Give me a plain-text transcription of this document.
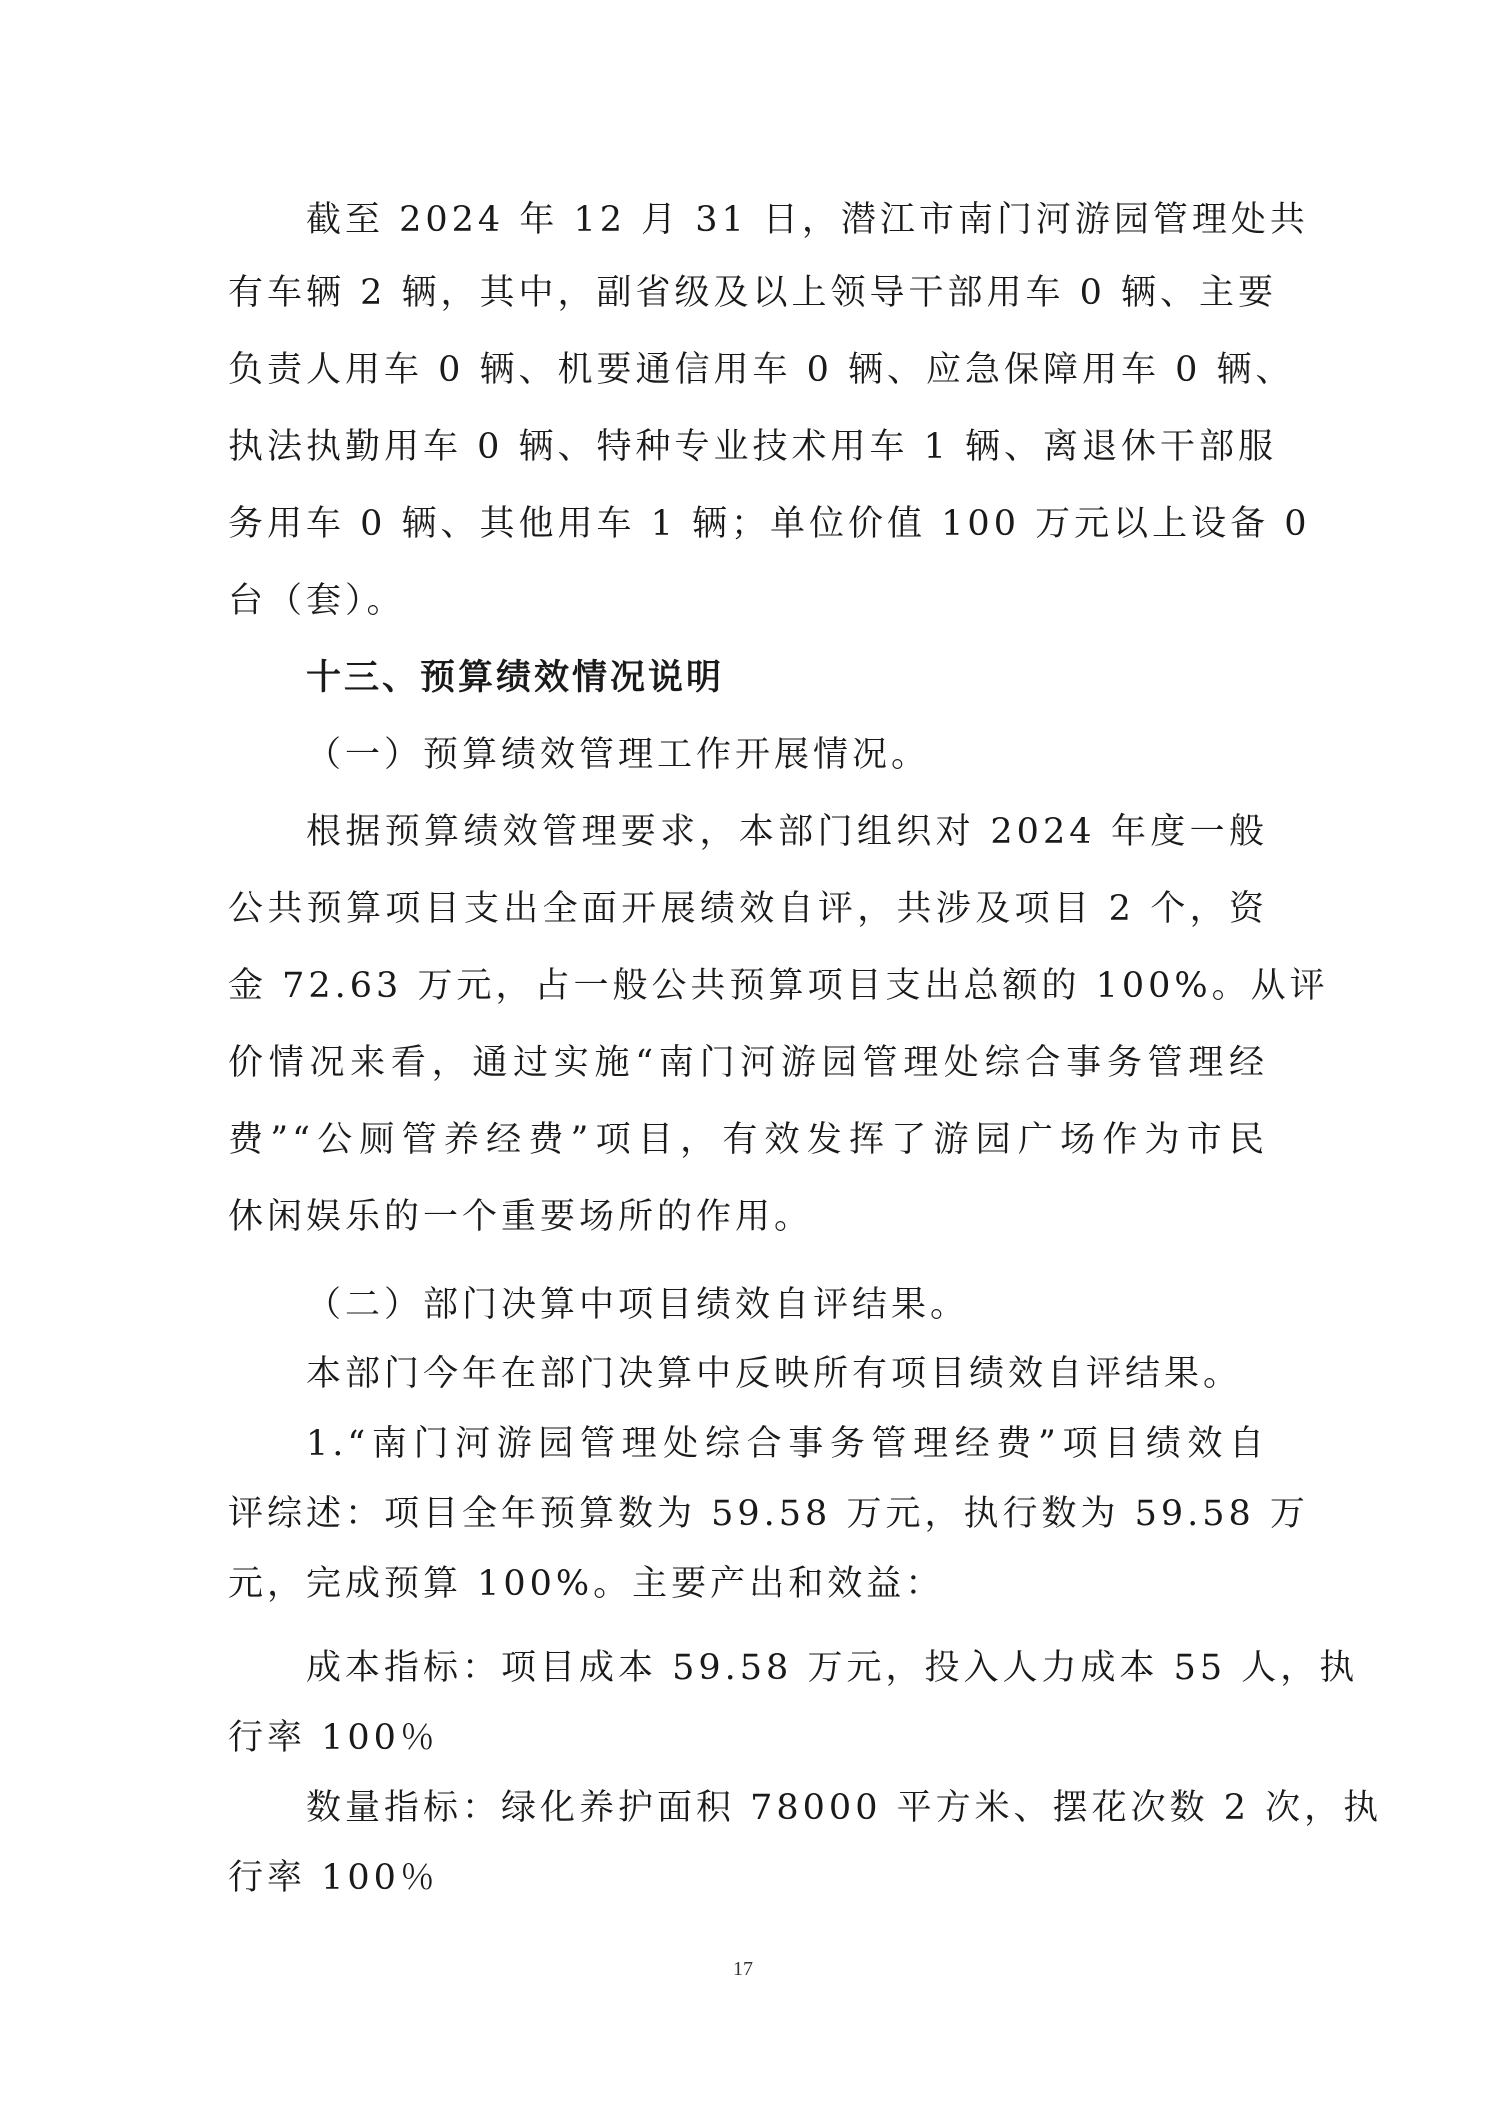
截至 2024 年 12 月 31 日，潜江市南门河游园管理处共
有车辆 2 辆，其中，副省级及以上领导干部用车 0 辆、主要
负责人用车 0 辆、机要通信用车 0 辆、应急保障用车 0 辆、
执法执勤用车 0 辆、特种专业技术用车 1 辆、离退休干部服
务用车 0 辆、其他用车 1 辆；单位价值 100 万元以上设备 0
台（套）。
十三、预算绩效情况说明
（一）预算绩效管理工作开展情况。
根据预算绩效管理要求，本部门组织对 2024 年度一般
公共预算项目支出全面开展绩效自评，共涉及项目 2 个，资
金 72.63 万元，占一般公共预算项目支出总额的 100%。从评
价情况来看，通过实施“南门河游园管理处综合事务管理经
费”“公厕管养经费”项目，有效发挥了游园广场作为市民
休闲娱乐的一个重要场所的作用。
（二）部门决算中项目绩效自评结果。
本部门今年在部门决算中反映所有项目绩效自评结果。
1.“南门河游园管理处综合事务管理经费”项目绩效自
评综述：项目全年预算数为 59.58 万元，执行数为 59.58 万
元，完成预算 100%。主要产出和效益：
成本指标：项目成本 59.58 万元，投入人力成本 55 人，执
行率 100％
数量指标：绿化养护面积 78000 平方米、摆花次数 2 次，执
行率 100％
17
